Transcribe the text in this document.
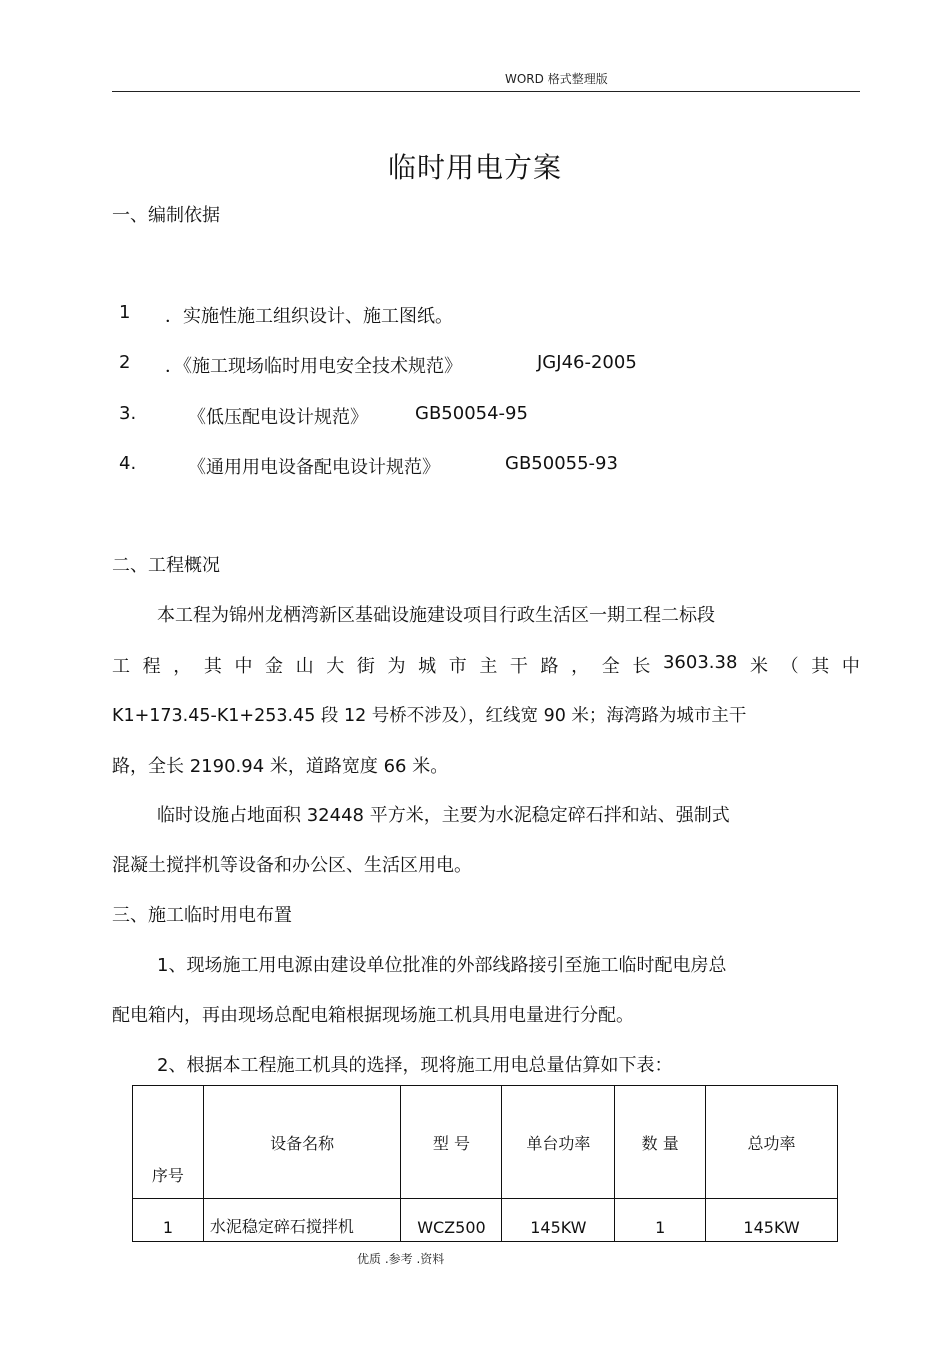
WORD 格式整理版
临时用电方案
一、编制依据
1 ．实施性施工组织设计、施工图纸。
2 ．《施工现场临时用电安全技术规范》	JGJ46-2005
3.	《低压配电设计规范》	GB50054-95
4.	《通用用电设备配电设计规范》	GB50055-93
二、工程概况
本工程为锦州龙栖湾新区基础设施建设项目行政生活区一期工程二标段
工 程 ， 其 中 金 山 大 街 为 城 市 主 干 路 ， 全 长 3603.38 米 （ 其 中
K1+173.45-K1+253.45 段 12 号桥不涉及），红线宽 90 米；海湾路为城市主干
路，全长 2190.94 米，道路宽度 66 米。
临时设施占地面积 32448 平方米，主要为水泥稳定碎石拌和站、强制式
混凝土搅拌机等设备和办公区、生活区用电。
三、施工临时用电布置
1、现场施工用电源由建设单位批准的外部线路接引至施工临时配电房总
配电箱内，再由现场总配电箱根据现场施工机具用电量进行分配。
2、根据本工程施工机具的选择，现将施工用电总量估算如下表：
序号	设备名称	型 号	单台功率	数 量	总功率
1	水泥稳定碎石搅拌机	WCZ500	145KW	1	145KW
优质 .参考 .资料
